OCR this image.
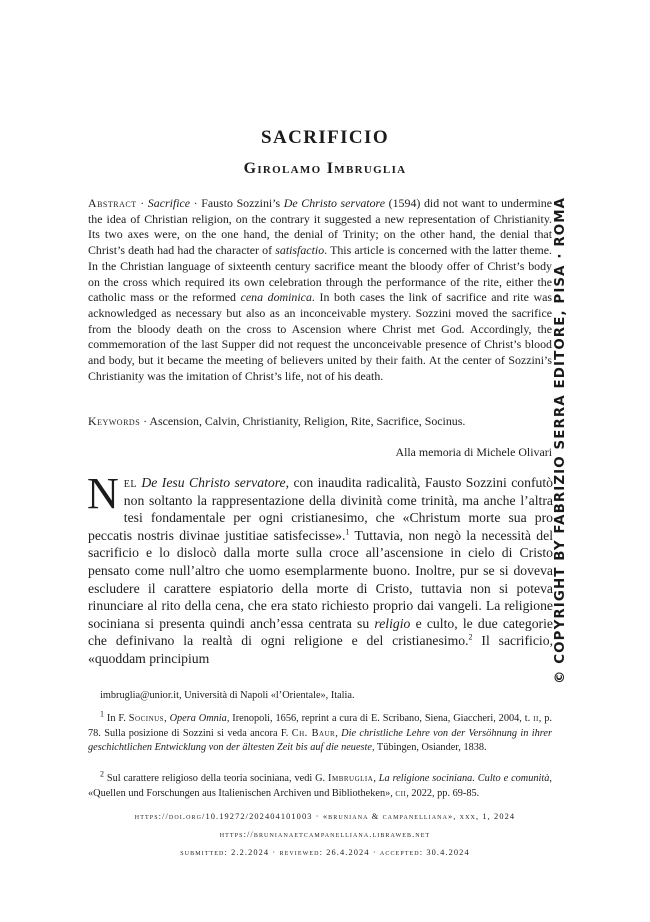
SACRIFICIO
Girolamo Imbruglia

Abstract · Sacrifice · Fausto Sozzini’s De Christo servatore (1594) did not want to undermine the idea of Christian religion, on the contrary it suggested a new representation of Christianity. Its two axes were, on the one hand, the denial of Trinity; on the other hand, the denial that Christ’s death had had the character of satisfactio. This article is concerned with the latter theme. In the Christian language of sixteenth century sacrifice meant the bloody offer of Christ’s body on the cross which required its own celebration through the performance of the rite, either the catholic mass or the reformed cena dominica. In both cases the link of sacrifice and rite was acknowledged as necessary but also as an inconceivable mystery. Sozzini moved the sacrifice from the bloody death on the cross to Ascension where Christ met God. Accordingly, the commemoration of the last Supper did not request the unconceivable presence of Christ’s blood and body, but it became the meeting of believers united by their faith. At the center of Sozzini’s Christianity was the imitation of Christ’s life, not of his death.

Keywords · Ascension, Calvin, Christianity, Religion, Rite, Sacrifice, Socinus.

Alla memoria di Michele Olivari

Nel De Iesu Christo servatore, con inaudita radicalità, Fausto Sozzini confutò non soltanto la rappresentazione della divinità come trinità, ma anche l’altra tesi fondamentale per ogni cristianesimo, che «Christum morte sua pro peccatis nostris divinae justitiae satisfecisse».$^1$ Tuttavia, non negò la necessità del sacrificio e lo dislocò dalla morte sulla croce all’ascensione in cielo di Cristo pensato come null’altro che uomo esemplarmente buono. Inoltre, pur se si doveva escludere il carattere espiatorio della morte di Cristo, tuttavia non si poteva rinunciare al rito della cena, che era stato richiesto proprio dai vangeli. La religione sociniana si presenta quindi anch’essa centrata su religio e culto, le due categorie che definivano la realtà di ogni religione e del cristianesimo.$^2$ Il sacrificio, «quoddam principium

imbruglia@unior.it, Università di Napoli «l’Orientale», Italia.

$^1$ In F. Socinus, Opera Omnia, Irenopoli, 1656, reprint a cura di E. Scribano, Siena, Giaccheri, 2004, t. ii, p. 78. Sulla posizione di Sozzini si veda ancora F. Ch. Baur, Die christliche Lehre von der Versöhnung in ihrer geschichtlichen Entwicklung von der ältesten Zeit bis auf die neueste, Tübingen, Osiander, 1838.

$^2$ Sul carattere religioso della teoria sociniana, vedi G. Imbruglia, La religione sociniana. Culto e comunità, «Quellen und Forschungen aus Italienischen Archiven und Bibliotheken», cii, 2022, pp. 69-85.

https://doi.org/10.19272/202404101003 · «bruniana & campanelliana», xxx, 1, 2024

https://brunianaetcampanelliana.libraweb.net

submitted: 2.2.2024 · reviewed: 26.4.2024 · accepted: 30.4.2024

© COPYRIGHT BY FABRIZIO SERRA EDITORE, PISA · ROMA
